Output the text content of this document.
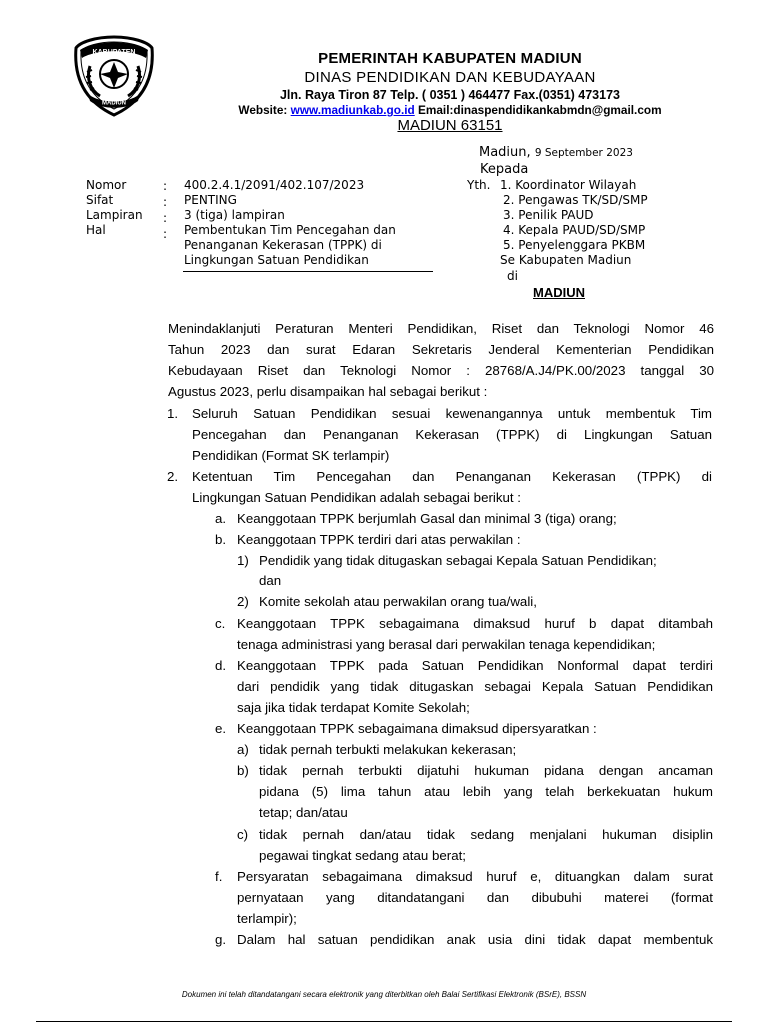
KABUPATEN
MADIUN
PEMERINTAH KABUPATEN MADIUN
DINAS PENDIDIKAN DAN KEBUDAYAAN
Jln. Raya Tiron 87 Telp. ( 0351 ) 464477 Fax.(0351) 473173
Website: www.madiunkab.go.id Email:dinaspendidikankabmdn@gmail.com
MADIUN 63151
Madiun, 9 September 2023
Kepada
Nomor	: 400.2.4.1/2091/402.107/2023
Sifat	: PENTING
Lampiran : 3 (tiga) lampiran
Hal	: Pembentukan Tim Pencegahan dan
Penanganan Kekerasan (TPPK) di
Lingkungan Satuan Pendidikan
Yth. 1. Koordinator Wilayah
2. Pengawas TK/SD/SMP
3. Penilik PAUD
4. Kepala PAUD/SD/SMP
5. Penyelenggara PKBM
Se Kabupaten Madiun
di
MADIUN
Menindaklanjuti Peraturan Menteri Pendidikan, Riset dan Teknologi Nomor 46
Tahun 2023 dan surat Edaran Sekretaris Jenderal Kementerian Pendidikan
Kebudayaan Riset dan Teknologi Nomor : 28768/A.J4/PK.00/2023 tanggal 30
Agustus 2023, perlu disampaikan hal sebagai berikut :
1. Seluruh Satuan Pendidikan sesuai kewenangannya untuk membentuk Tim
Pencegahan dan Penanganan Kekerasan (TPPK) di Lingkungan Satuan
Pendidikan (Format SK terlampir)
2. Ketentuan Tim Pencegahan dan Penanganan Kekerasan (TPPK) di
Lingkungan Satuan Pendidikan adalah sebagai berikut :
a. Keanggotaan TPPK berjumlah Gasal dan minimal 3 (tiga) orang;
b. Keanggotaan TPPK terdiri dari atas perwakilan :
1) Pendidik yang tidak ditugaskan sebagai Kepala Satuan Pendidikan;
dan
2) Komite sekolah atau perwakilan orang tua/wali,
c. Keanggotaan TPPK sebagaimana dimaksud huruf b dapat ditambah
tenaga administrasi yang berasal dari perwakilan tenaga kependidikan;
d. Keanggotaan TPPK pada Satuan Pendidikan Nonformal dapat terdiri
dari pendidik yang tidak ditugaskan sebagai Kepala Satuan Pendidikan
saja jika tidak terdapat Komite Sekolah;
e. Keanggotaan TPPK sebagaimana dimaksud dipersyaratkan :
a) tidak pernah terbukti melakukan kekerasan;
b) tidak pernah terbukti dijatuhi hukuman pidana dengan ancaman
pidana (5) lima tahun atau lebih yang telah berkekuatan hukum
tetap; dan/atau
c) tidak pernah dan/atau tidak sedang menjalani hukuman disiplin
pegawai tingkat sedang atau berat;
f. Persyaratan sebagaimana dimaksud huruf e, dituangkan dalam surat
pernyataan yang ditandatangani dan dibubuhi materei (format
terlampir);
g. Dalam hal satuan pendidikan anak usia dini tidak dapat membentuk
Dokumen ini telah ditandatangani secara elektronik yang diterbitkan oleh Balai Sertifikasi Elektronik (BSrE), BSSN
